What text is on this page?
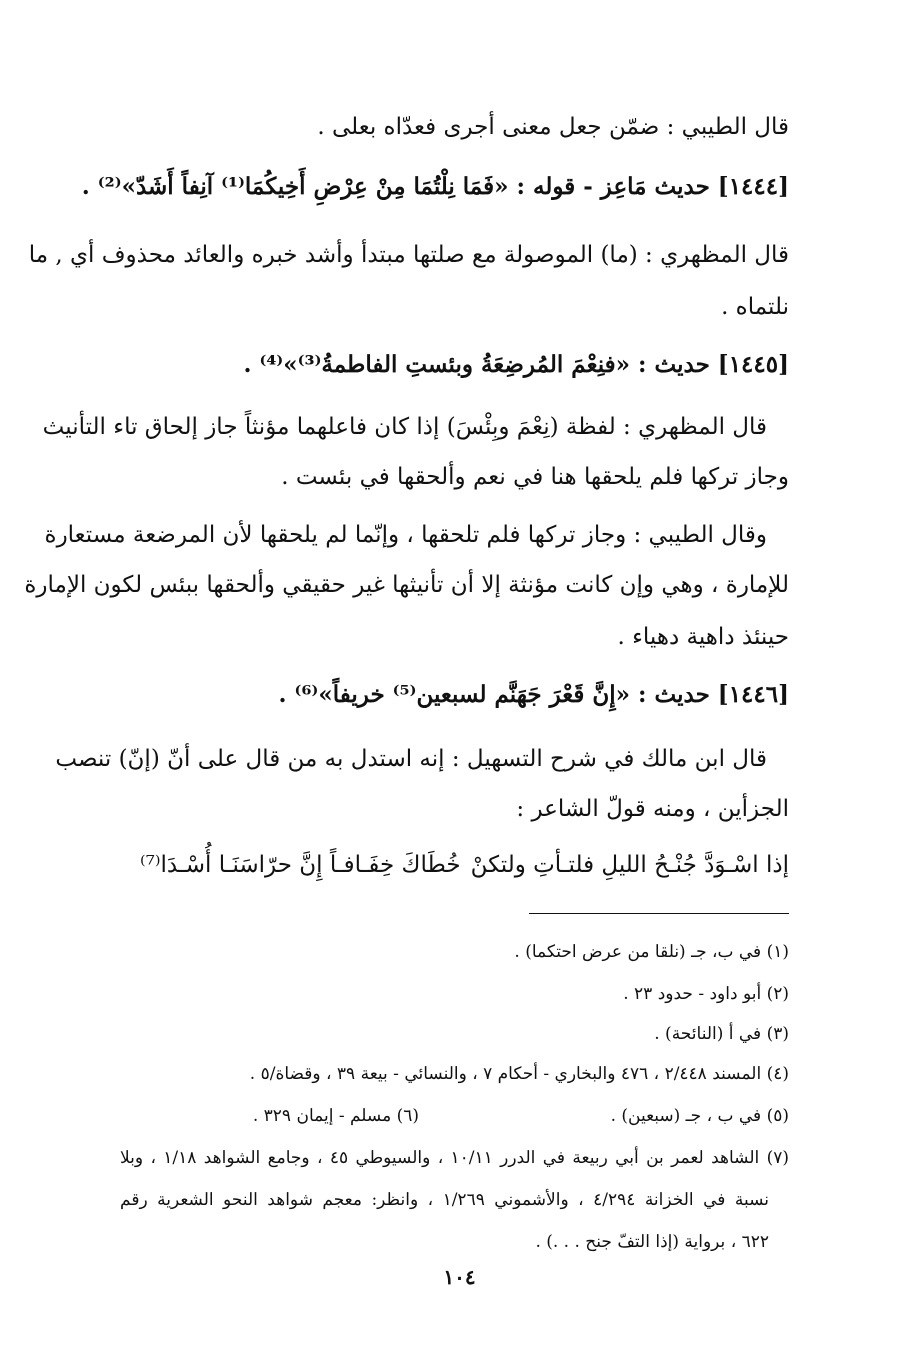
قال الطيبي : ضمّن جعل معنى أجرى فعدّاه بعلى .
[١٤٤٤] حديث مَاعِز - قوله : «فَمَا نِلْتُمَا مِنْ عِرْضِ أَخِيكُمَا⁽¹⁾ آنِفاً أَشَدّ»⁽²⁾ .
قال المظهري : (ما) الموصولة مع صلتها مبتدأ وأشد خبره والعائد محذوف أي , ما
نلتماه .
[١٤٤٥] حديث : «فنِعْمَ المُرضِعَةُ وبئستِ الفاطمةُ⁽³⁾»⁽⁴⁾ .
قال المظهري : لفظة (نِعْمَ وبِئْسَ) إذا كان فاعلهما مؤنثاً جاز إلحاق تاء التأنيث
وجاز تركها فلم يلحقها هنا في نعم وألحقها في بئست .
وقال الطيبي : وجاز تركها فلم تلحقها ، وإنّما لم يلحقها لأن المرضعة مستعارة
للإمارة ، وهي وإن كانت مؤنثة إلا أن تأنيثها غير حقيقي وألحقها ببئس لكون الإمارة
حينئذ داهية دهياء .
[١٤٤٦] حديث : «إِنَّ قَعْرَ جَهَنَّم لسبعين⁽⁵⁾ خريفاً»⁽⁶⁾ .
قال ابن مالك في شرح التسهيل : إنه استدل به من قال على أنّ (إنّ) تنصب
الجزأين ، ومنه قولّ الشاعر :
إذا اسْـوَدَّ جُنْـحُ الليلِ فلتـأتِ ولتكنْ
خُطَاكَ خِفَـافـاً إِنَّ حرّاسَنَـا أُسْـدَا⁽⁷⁾
(١) في ب، جـ (نلقا من عرض احتكما) .
(٢) أبو داود - حدود ٢٣ .
(٣) في أ (النائحة) .
(٤) المسند ٢/٤٤٨ ، ٤٧٦ والبخاري - أحكام ٧ ، والنسائي - بيعة ٣٩ ، وقضاة/٥ .
(٥) في ب ، جـ (سبعين) .
(٦) مسلم - إيمان ٣٢٩ .
(٧) الشاهد لعمر بن أبي ربيعة في الدرر ١٠/١١ ، والسيوطي ٤٥ ، وجامع الشواهد ١/١٨ ، وبلا
نسبة في الخزانة ٤/٢٩٤ ، والأشموني ١/٢٦٩ ، وانظر: معجم شواهد النحو الشعرية رقم
٦٢٢ ، برواية (إذا التفّ جنح . . .) .
١٠٤
